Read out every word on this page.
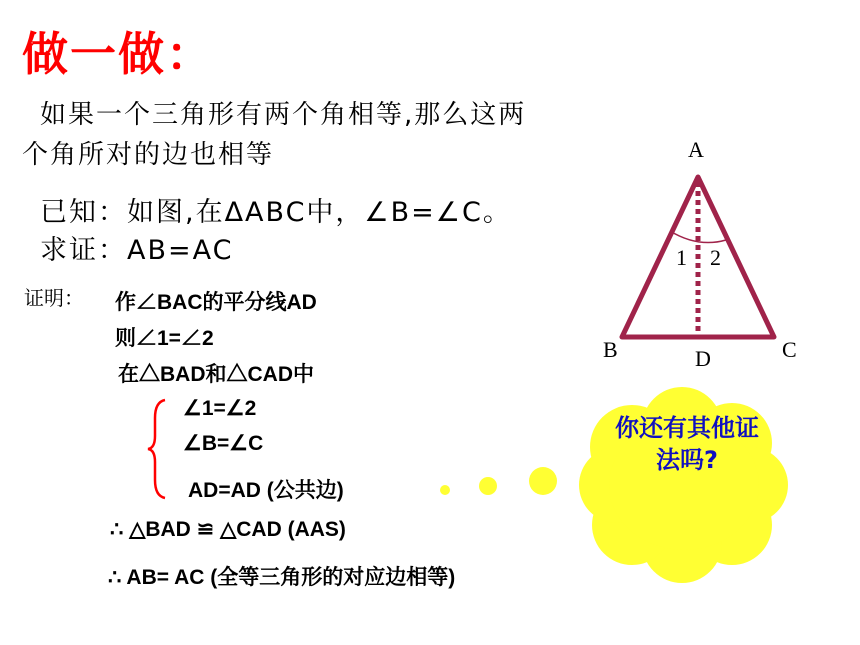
做一做：
如果一个三角形有两个角相等,那么这两
个角所对的边也相等
已知：如图,在ΔABC中，∠B=∠C。
求证：AB=AC
证明： 作∠BAC的平分线AD
则∠1=∠2
在△BAD和△CAD中
∠1=∠2
∠B=∠C
AD=AD (公共边)
∴ △BAD ≌ △CAD (AAS)
∴ AB= AC (全等三角形的对应边相等)
A
B	C
D
1 2
你还有其他证法吗?
